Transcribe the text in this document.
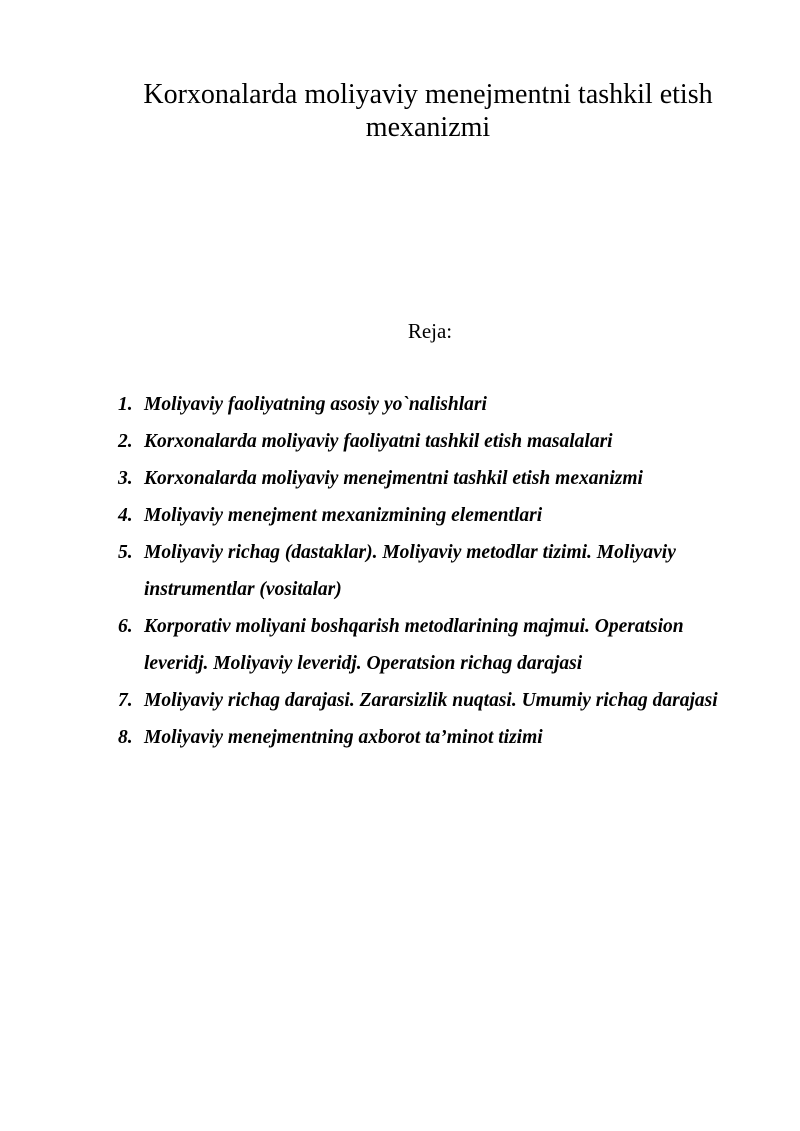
Korxonalarda moliyaviy menejmentni tashkil etish mexanizmi

Reja:

1. Moliyaviy faoliyatning asosiy yo`nalishlari
2. Korxonalarda moliyaviy faoliyatni tashkil etish masalalari
3. Korxonalarda moliyaviy menejmentni tashkil etish mexanizmi
4. Moliyaviy menejment mexanizmining elementlari
5. Moliyaviy richag (dastaklar). Moliyaviy metodlar tizimi. Moliyaviy instrumentlar (vositalar)
6. Korporativ moliyani boshqarish metodlarining majmui. Operatsion leveridj. Moliyaviy leveridj. Operatsion richag darajasi
7. Moliyaviy richag darajasi. Zararsizlik nuqtasi. Umumiy richag darajasi
8. Moliyaviy menejmentning axborot ta’minot tizimi
